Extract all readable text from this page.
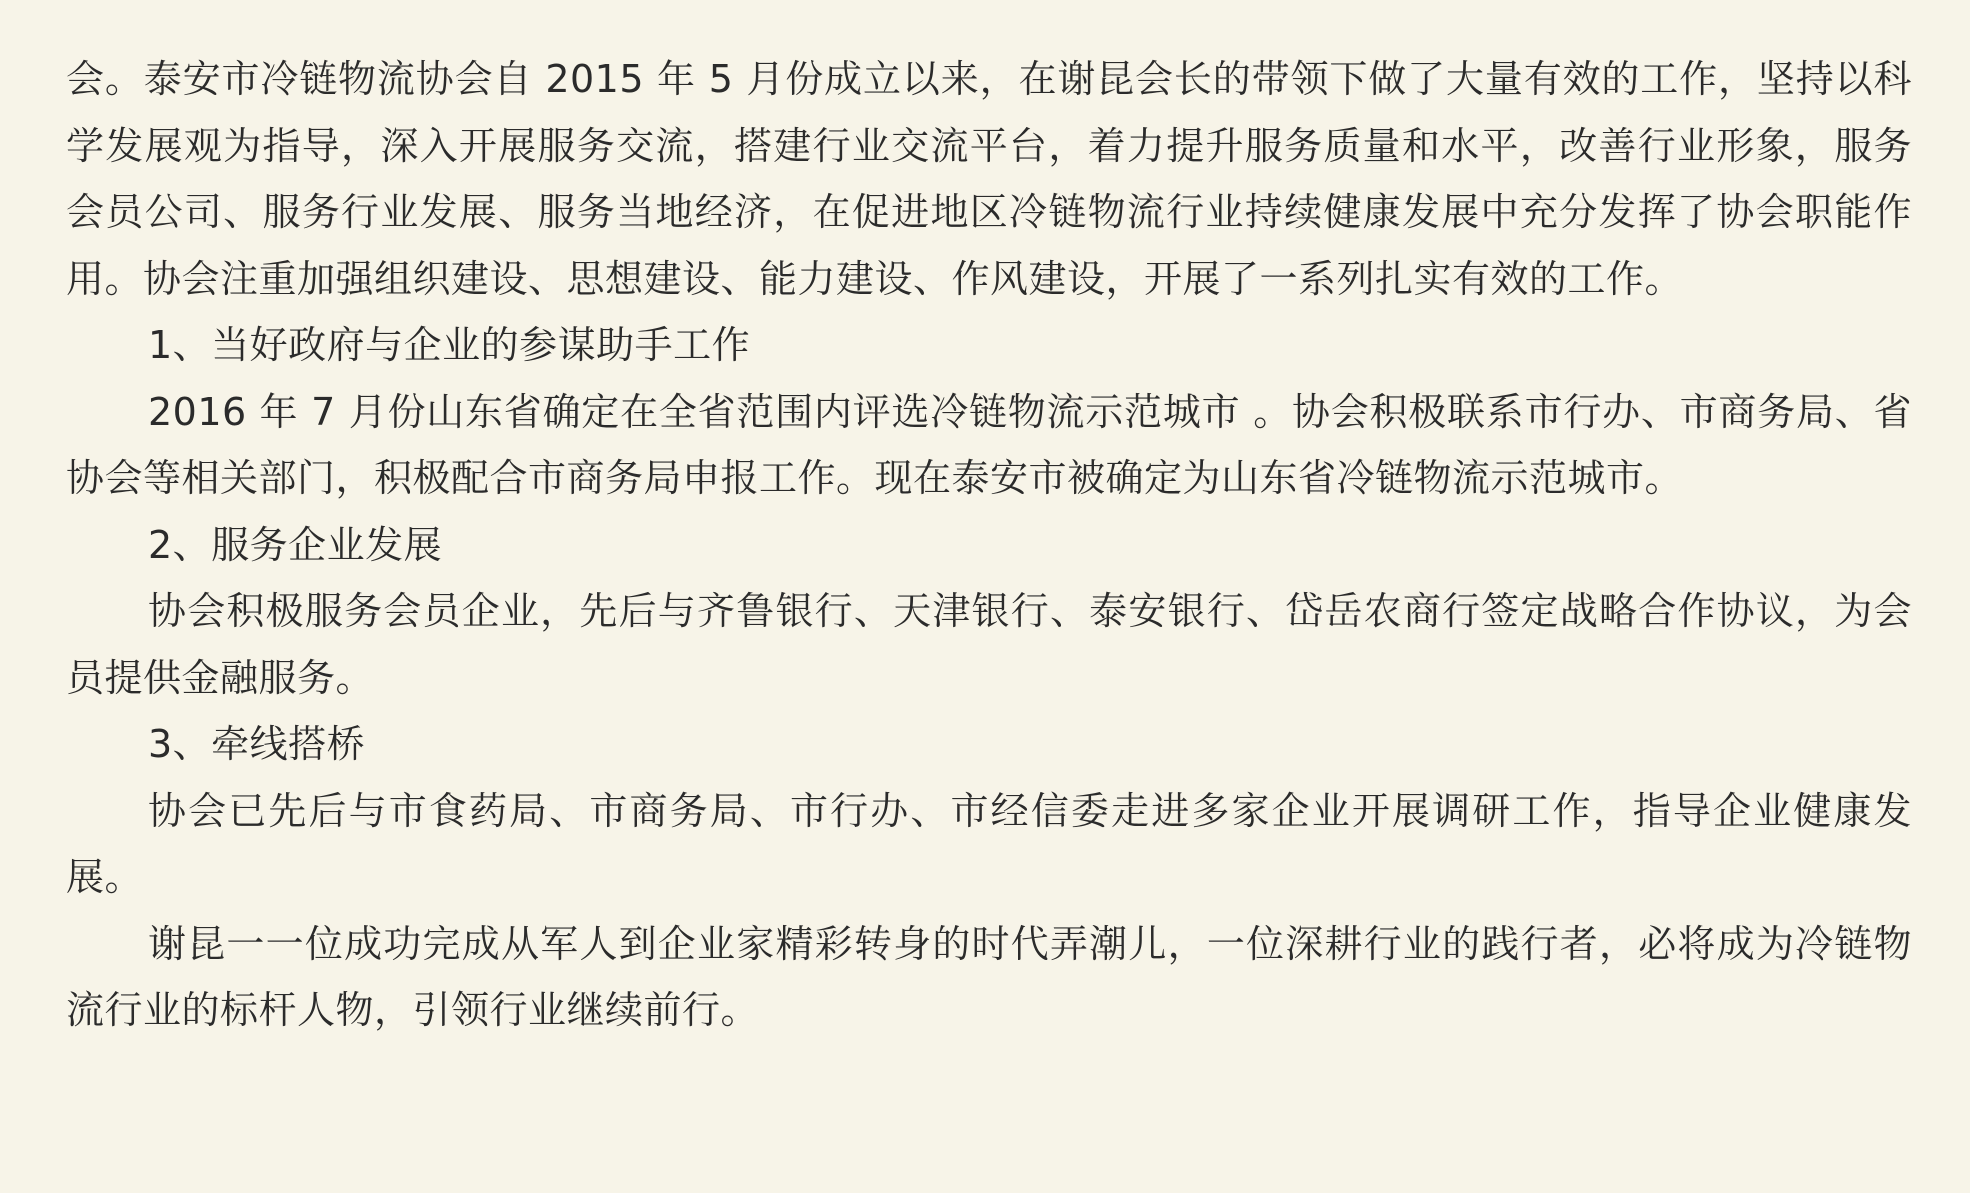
会。泰安市冷链物流协会自 2015 年 5 月份成立以来，在谢昆会长的带领下做了大量有效的工作，坚持以科学发展观为指导，深入开展服务交流，搭建行业交流平台，着力提升服务质量和水平，改善行业形象，服务会员公司、服务行业发展、服务当地经济，在促进地区冷链物流行业持续健康发展中充分发挥了协会职能作用。协会注重加强组织建设、思想建设、能力建设、作风建设，开展了一系列扎实有效的工作。

1、当好政府与企业的参谋助手工作

2016 年 7 月份山东省确定在全省范围内评选冷链物流示范城市 。协会积极联系市行办、市商务局、省协会等相关部门，积极配合市商务局申报工作。现在泰安市被确定为山东省冷链物流示范城市。

2、服务企业发展

协会积极服务会员企业，先后与齐鲁银行、天津银行、泰安银行、岱岳农商行签定战略合作协议，为会员提供金融服务。

3、牵线搭桥

协会已先后与市食药局、市商务局、市行办、市经信委走进多家企业开展调研工作，指导企业健康发展。

谢昆一一位成功完成从军人到企业家精彩转身的时代弄潮儿，一位深耕行业的践行者，必将成为冷链物流行业的标杆人物，引领行业继续前行。
